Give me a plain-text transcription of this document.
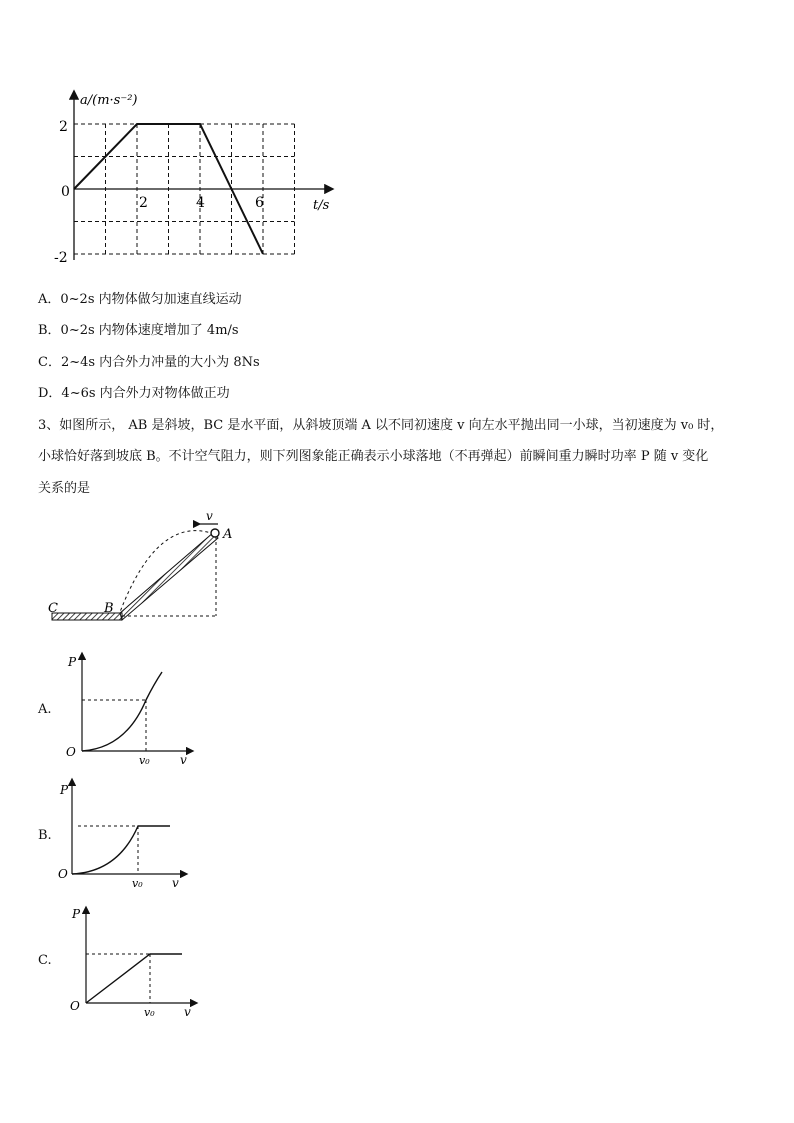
a/(m·s⁻²)
t/s
0
2
-2
2	4	6
A．0~2s 内物体做匀加速直线运动
B．0~2s 内物体速度增加了 4m/s
C．2~4s 内合外力冲量的大小为 8Ns
D．4~6s 内合外力对物体做正功
3、如图所示， AB 是斜坡，BC 是水平面，从斜坡顶端 A 以不同初速度 v 向左水平抛出同一小球，当初速度为 v₀ 时，
小球恰好落到坡底 B。不计空气阻力，则下列图象能正确表示小球落地（不再弹起）前瞬间重力瞬时功率 P 随 v 变化
关系的是
v
A
B
C
A.
P
O
v₀	v
B.
P
O
v₀ v
C.
P
O	v₀ v
